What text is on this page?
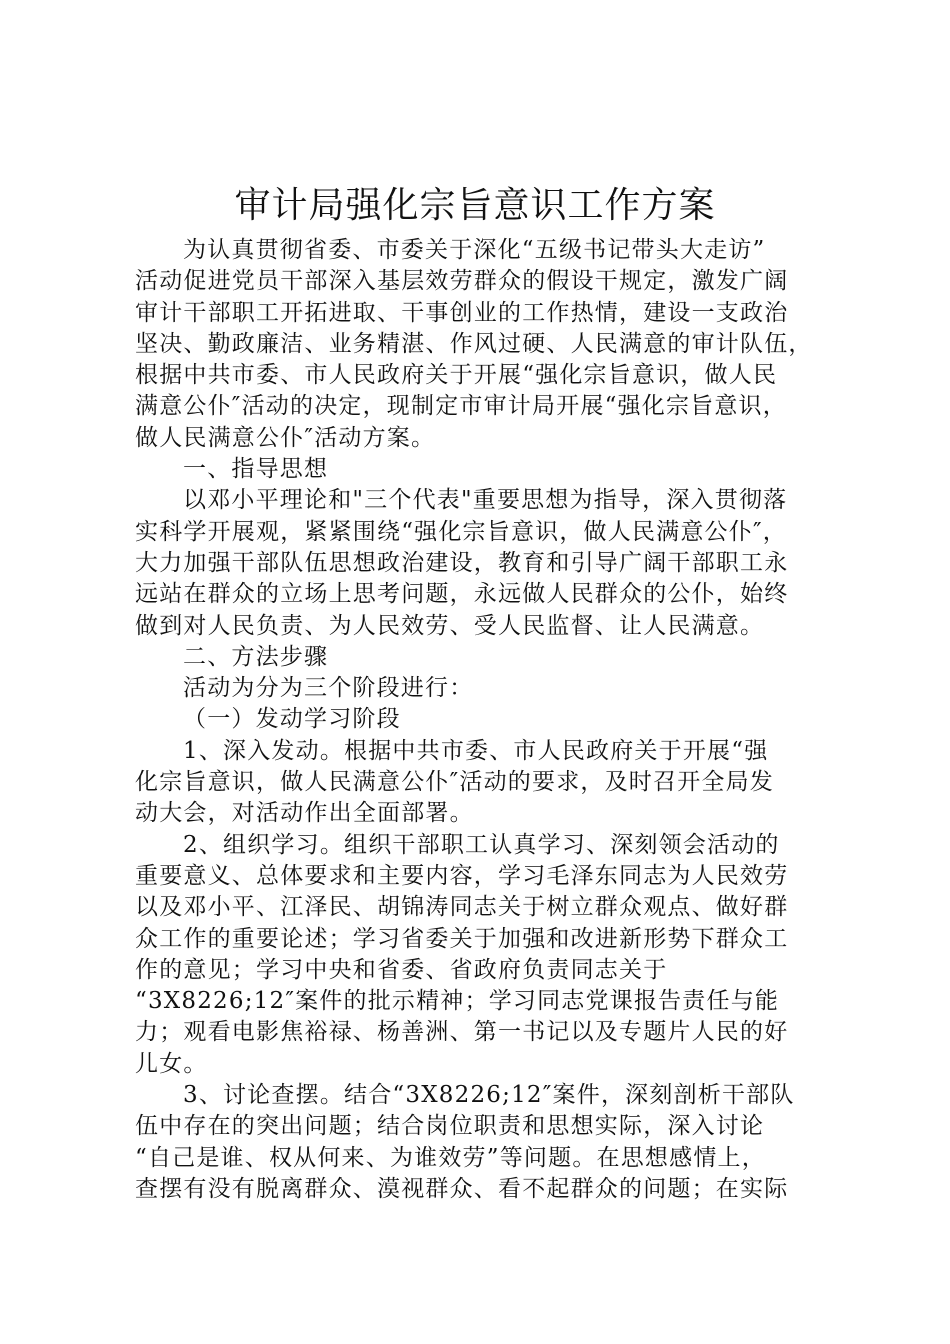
审计局强化宗旨意识工作方案
为认真贯彻省委、市委关于深化“五级书记带头大走访”
活动促进党员干部深入基层效劳群众的假设干规定，激发广阔
审计干部职工开拓进取、干事创业的工作热情，建设一支政治
坚决、勤政廉洁、业务精湛、作风过硬、人民满意的审计队伍，
根据中共市委、市人民政府关于开展“强化宗旨意识，做人民
满意公仆″活动的决定，现制定市审计局开展“强化宗旨意识，
做人民满意公仆″活动方案。
一、指导思想
以邓小平理论和"三个代表"重要思想为指导，深入贯彻落
实科学开展观，紧紧围绕“强化宗旨意识，做人民满意公仆″，
大力加强干部队伍思想政治建设，教育和引导广阔干部职工永
远站在群众的立场上思考问题，永远做人民群众的公仆，始终
做到对人民负责、为人民效劳、受人民监督、让人民满意。
二、方法步骤
活动为分为三个阶段进行：
（一）发动学习阶段
1、深入发动。根据中共市委、市人民政府关于开展“强
化宗旨意识，做人民满意公仆″活动的要求，及时召开全局发
动大会，对活动作出全面部署。
2、组织学习。组织干部职工认真学习、深刻领会活动的
重要意义、总体要求和主要内容，学习毛泽东同志为人民效劳
以及邓小平、江泽民、胡锦涛同志关于树立群众观点、做好群
众工作的重要论述；学习省委关于加强和改进新形势下群众工
作的意见；学习中央和省委、省政府负责同志关于
“3X8226;12″案件的批示精神；学习同志党课报告责任与能
力；观看电影焦裕禄、杨善洲、第一书记以及专题片人民的好
儿女。
3、讨论查摆。结合“3X8226;12″案件，深刻剖析干部队
伍中存在的突出问题；结合岗位职责和思想实际，深入讨论
“自己是谁、权从何来、为谁效劳”等问题。在思想感情上，
查摆有没有脱离群众、漠视群众、看不起群众的问题；在实际
